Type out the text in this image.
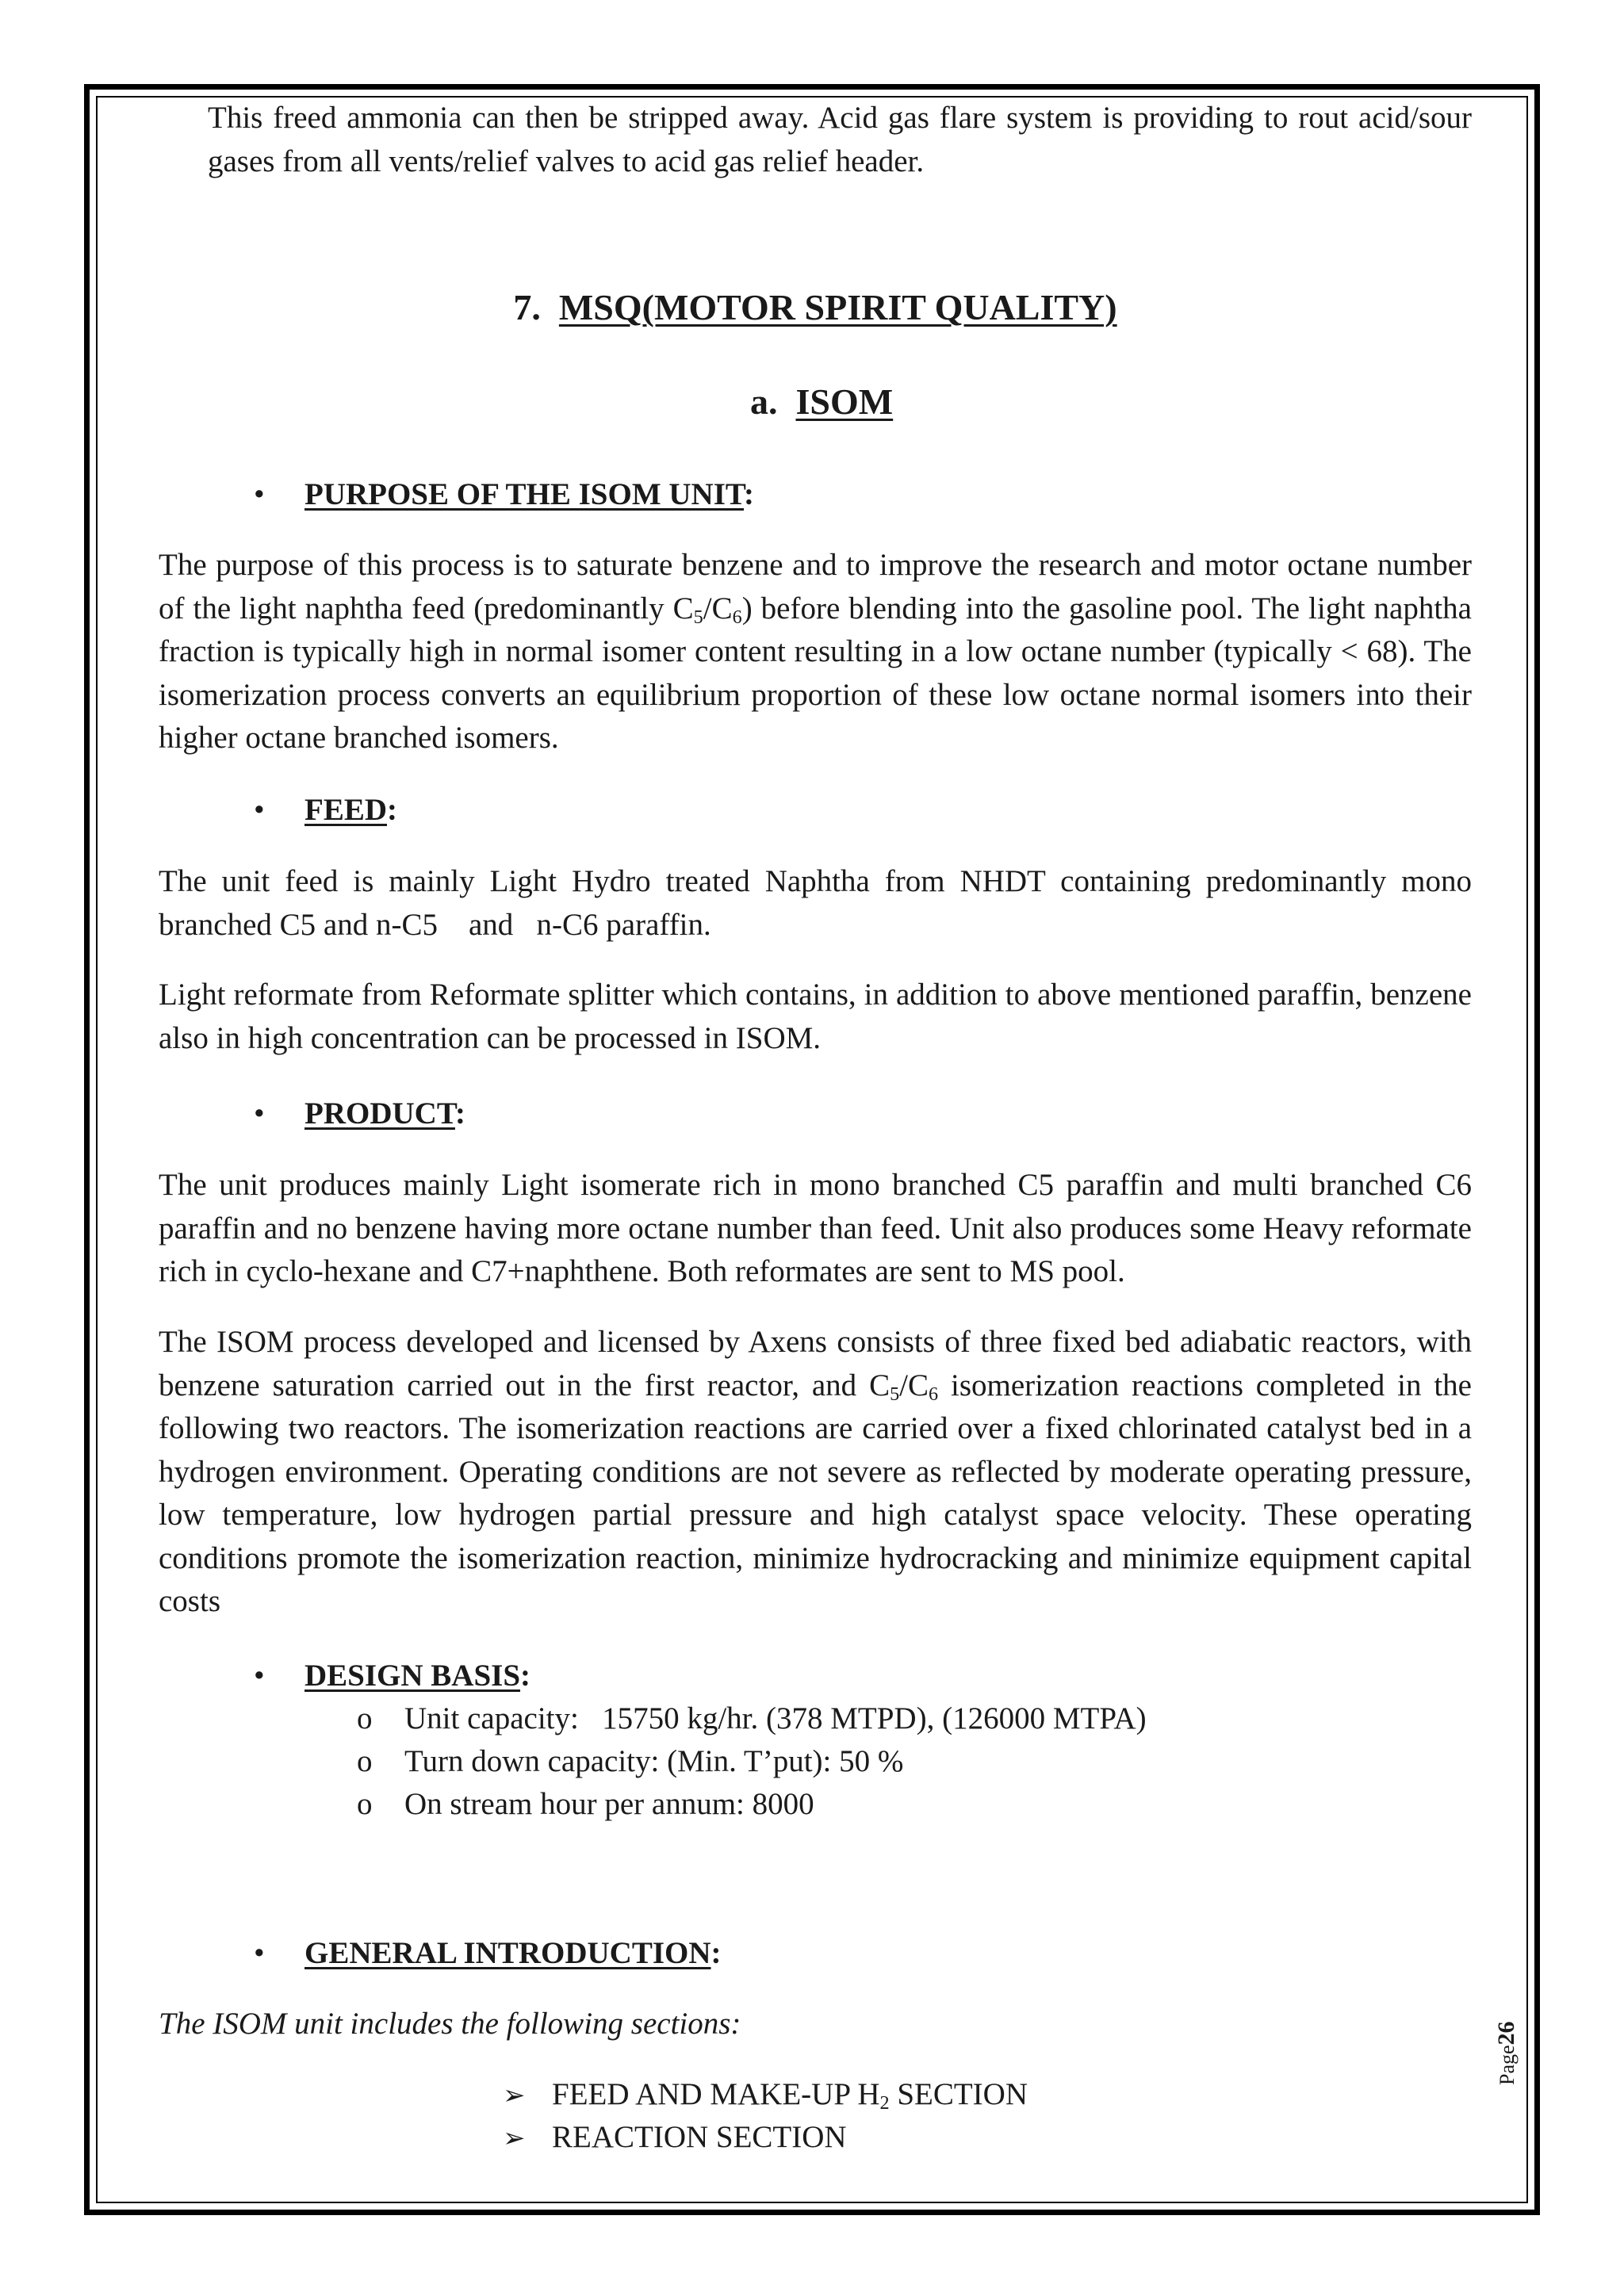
This freed ammonia can then be stripped away. Acid gas flare system is providing to rout acid/sour gases from all vents/relief valves to acid gas relief header.

7. MSQ(MOTOR SPIRIT QUALITY)
a. ISOM
• PURPOSE OF THE ISOM UNIT:

The purpose of this process is to saturate benzene and to improve the research and motor octane number of the light naphtha feed (predominantly $C_5/C_6$) before blending into the gasoline pool. The light naphtha fraction is typically high in normal isomer content resulting in a low octane number (typically < 68). The isomerization process converts an equilibrium proportion of these low octane normal isomers into their higher octane branched isomers.

• FEED:

The unit feed is mainly Light Hydro treated Naphtha from NHDT containing predominantly mono branched C5 and n-C5    and   n-C6 paraffin.

Light reformate from Reformate splitter which contains, in addition to above mentioned paraffin, benzene also in high concentration can be processed in ISOM.

• PRODUCT:

The unit produces mainly Light isomerate rich in mono branched C5 paraffin and multi branched C6 paraffin and no benzene having more octane number than feed. Unit also produces some Heavy reformate rich in cyclo-hexane and C7+naphthene. Both reformates are sent to MS pool.

The ISOM process developed and licensed by Axens consists of three fixed bed adiabatic reactors, with benzene saturation carried out in the first reactor, and $C_5/C_6$ isomerization reactions completed in the following two reactors. The isomerization reactions are carried over a fixed chlorinated catalyst bed in a hydrogen environment. Operating conditions are not severe as reflected by moderate operating pressure, low temperature, low hydrogen partial pressure and high catalyst space velocity. These operating conditions promote the isomerization reaction, minimize hydrocracking and minimize equipment capital costs

• DESIGN BASIS:

o Unit capacity:   15750 kg/hr. (378 MTPD), (126000 MTPA)

o Turn down capacity: (Min. T’put): 50 %

o On stream hour per annum: 8000

• GENERAL INTRODUCTION:

The ISOM unit includes the following sections:

➢ FEED AND MAKE-UP $H_2$ SECTION

➢ REACTION SECTION

Page26
